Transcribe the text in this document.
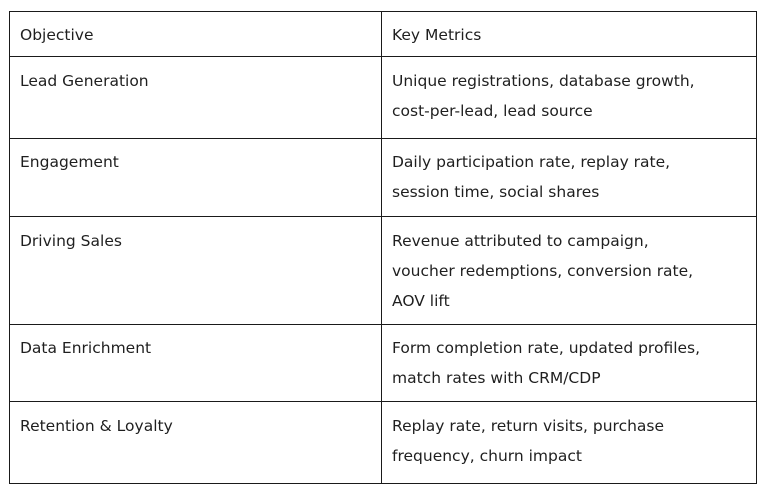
Objective	Key Metrics
Lead Generation	Unique registrations, database growth,
cost-per-lead, lead source
Engagement	Daily participation rate, replay rate,
session time, social shares
Driving Sales	Revenue attributed to campaign,
voucher redemptions, conversion rate,
AOV lift
Data Enrichment	Form completion rate, updated profiles,
match rates with CRM/CDP
Retention & Loyalty	Replay rate, return visits, purchase
frequency, churn impact
